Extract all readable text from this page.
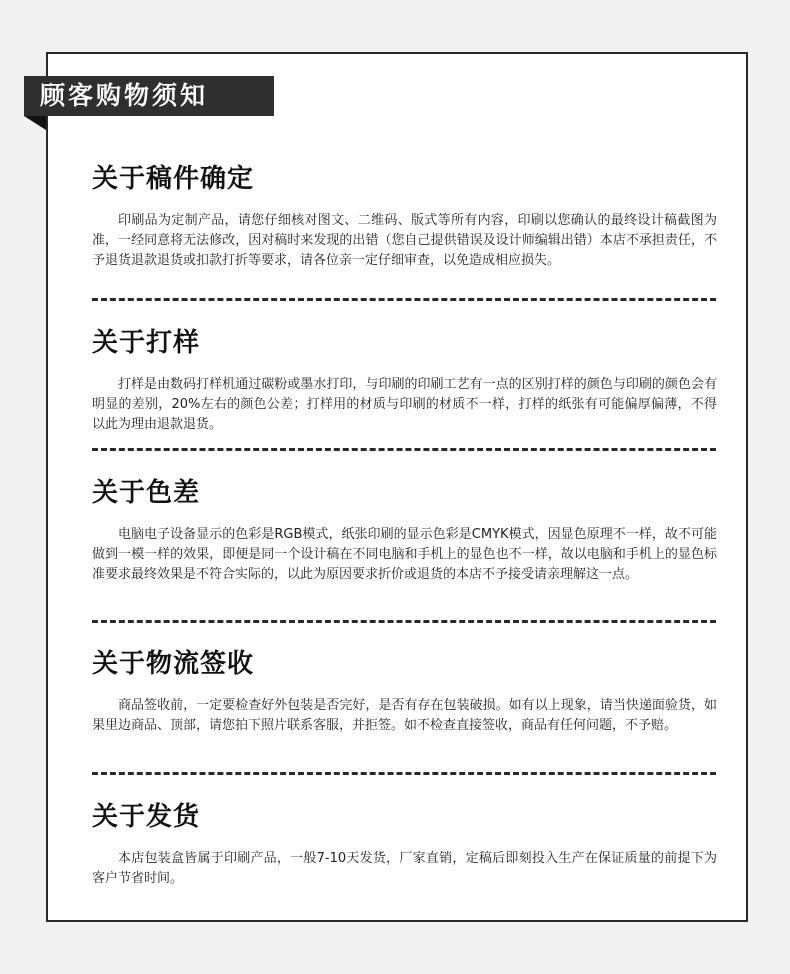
顾客购物须知
关于稿件确定

印刷品为定制产品，请您仔细核对图文、二维码、版式等所有内容，印刷以您确认的最终设计稿截图为准，一经同意将无法修改，因对稿时来发现的出错（您自己提供错误及设计师编辑出错）本店不承担责任，不予退货退款退货或扣款打折等要求，请各位亲一定仔细审查，以免造成相应损失。

关于打样

打样是由数码打样机通过碳粉或墨水打印，与印刷的印刷工艺有一点的区别打样的颜色与印刷的颜色会有明显的差别，20%左右的颜色公差；打样用的材质与印刷的材质不一样，打样的纸张有可能偏厚偏薄，不得以此为理由退款退货。

关于色差

电脑电子设备显示的色彩是RGB模式，纸张印刷的显示色彩是CMYK模式，因显色原理不一样，故不可能做到一模一样的效果，即便是同一个设计稿在不同电脑和手机上的显色也不一样，故以电脑和手机上的显色标准要求最终效果是不符合实际的，以此为原因要求折价或退货的本店不予接受请亲理解这一点。

关于物流签收

商品签收前，一定要检查好外包装是否完好，是否有存在包装破损。如有以上现象，请当快递面验货，如果里边商品、顶部，请您拍下照片联系客服，并拒签。如不检查直接签收，商品有任何问题，不予赔。

关于发货

本店包装盒皆属于印刷产品，一般7-10天发货，厂家直销，定稿后即刻投入生产在保证质量的前提下为客户节省时间。
